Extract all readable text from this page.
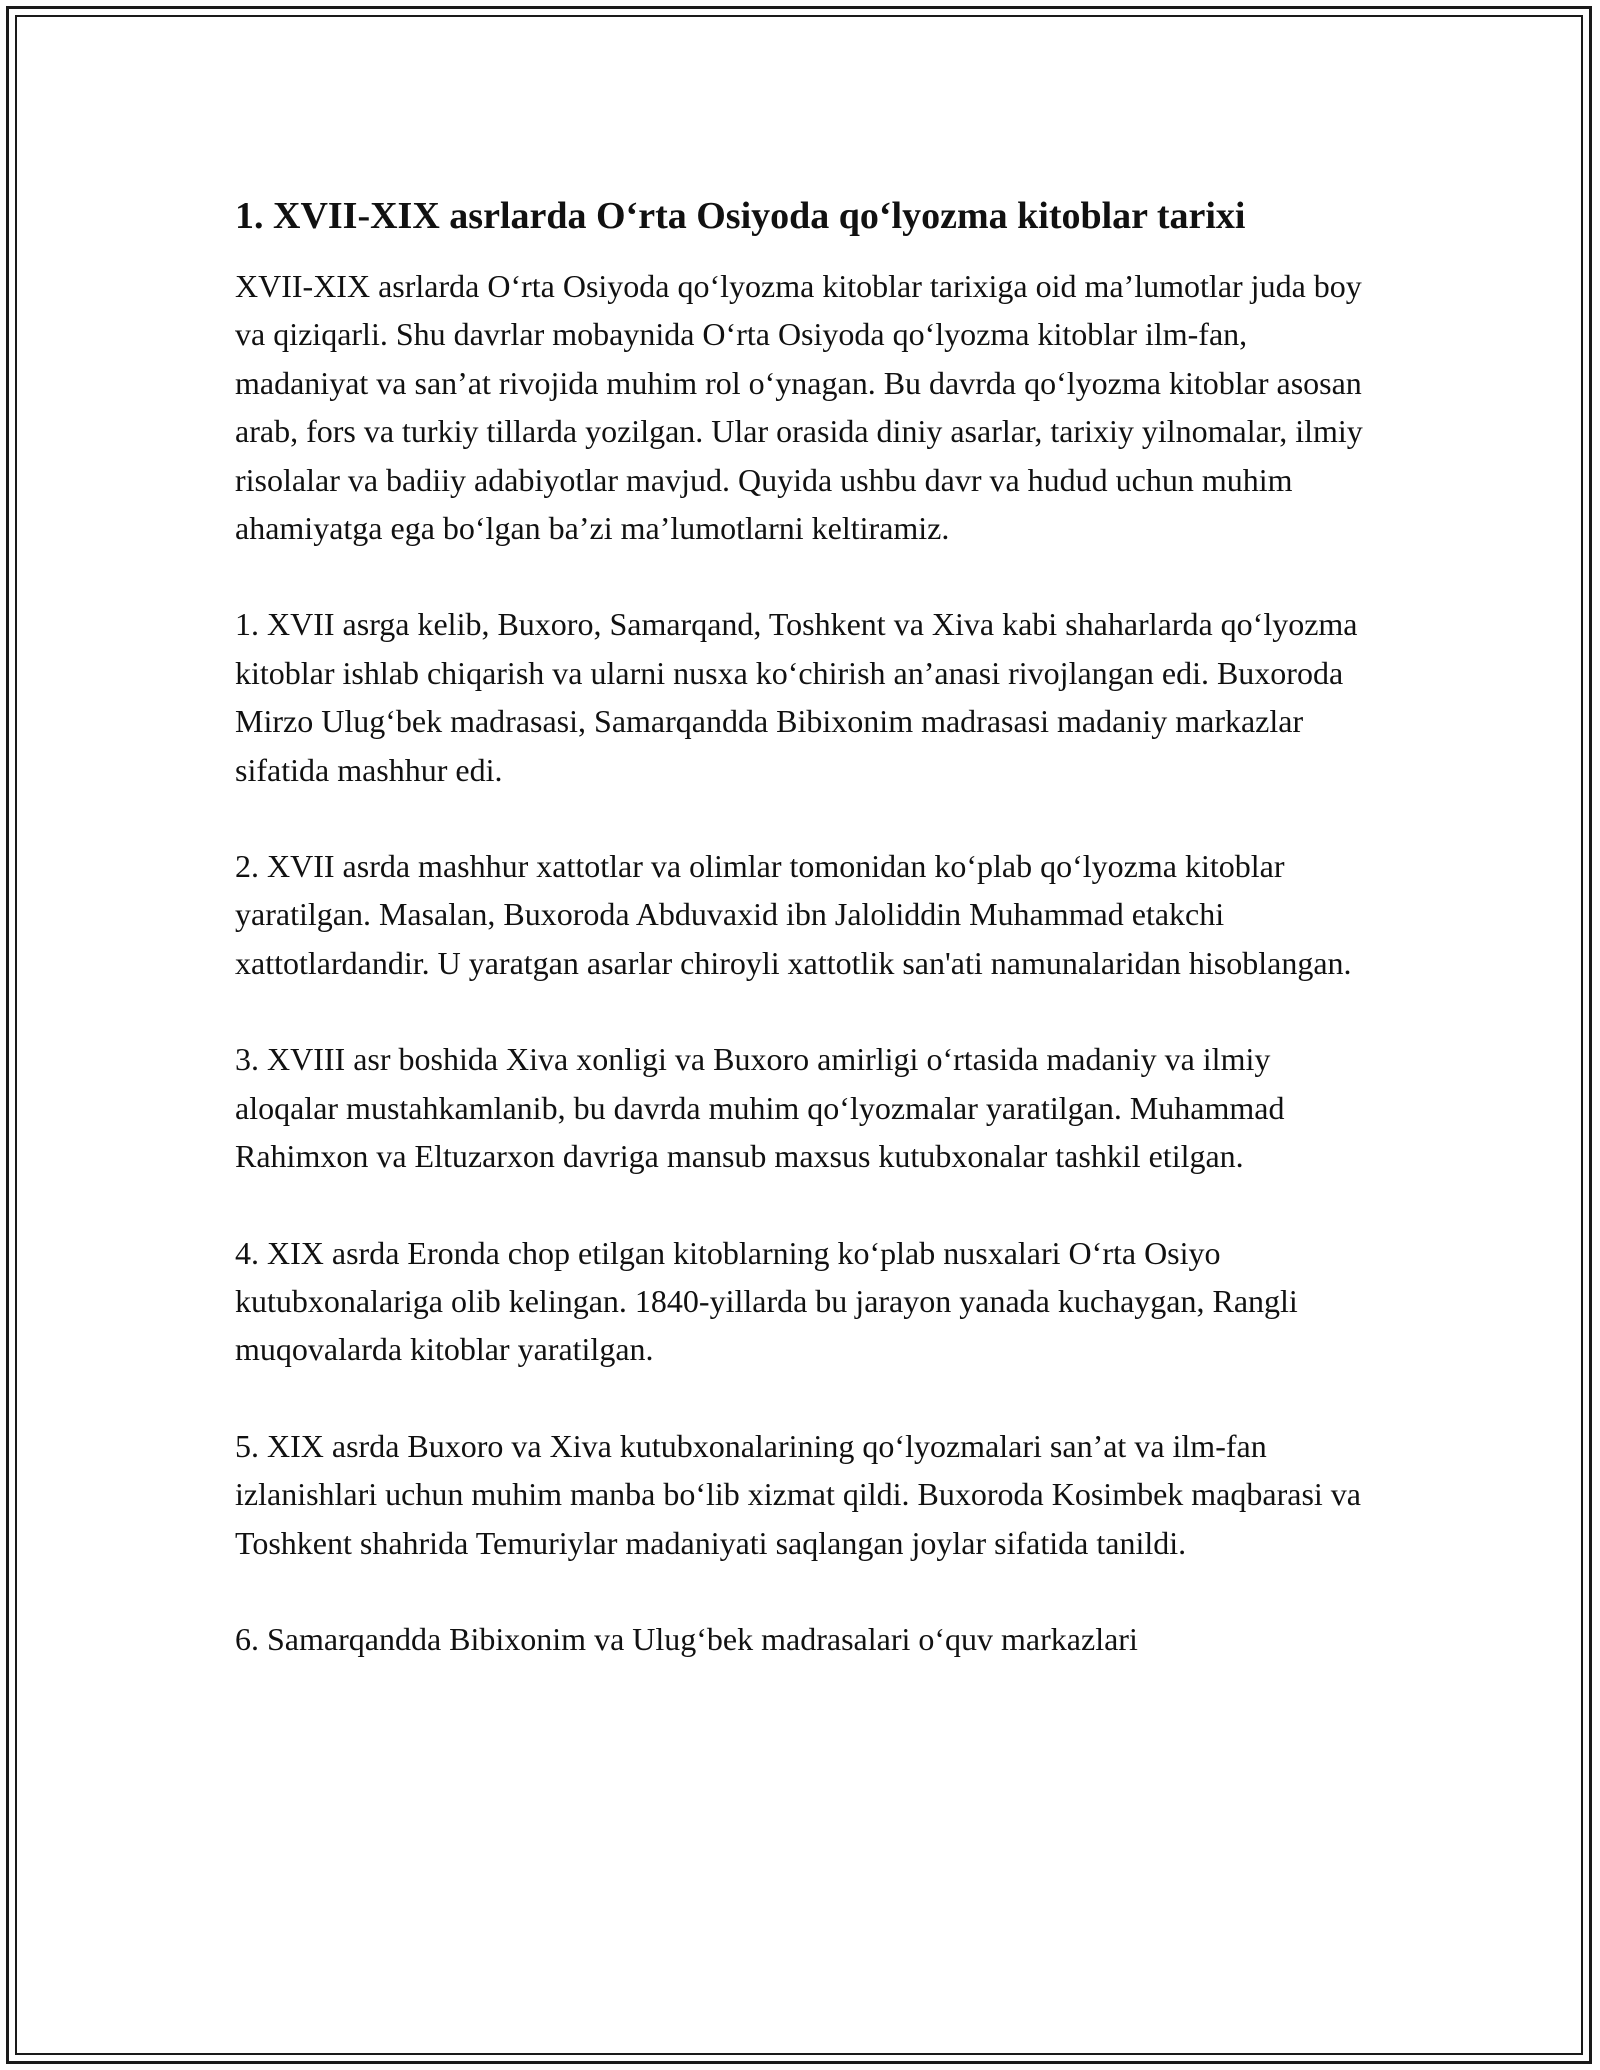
1. XVII-XIX asrlarda O‘rta Osiyoda qo‘lyozma kitoblar tarixi

XVII-XIX asrlarda O‘rta Osiyoda qo‘lyozma kitoblar tarixiga oid ma’lumotlar juda boy va qiziqarli. Shu davrlar mobaynida O‘rta Osiyoda qo‘lyozma kitoblar ilm-fan, madaniyat va san’at rivojida muhim rol o‘ynagan. Bu davrda qo‘lyozma kitoblar asosan arab, fors va turkiy tillarda yozilgan. Ular orasida diniy asarlar, tarixiy yilnomalar, ilmiy risolalar va badiiy adabiyotlar mavjud. Quyida ushbu davr va hudud uchun muhim ahamiyatga ega bo‘lgan ba’zi ma’lumotlarni keltiramiz.

1. XVII asrga kelib, Buxoro, Samarqand, Toshkent va Xiva kabi shaharlarda qo‘lyozma kitoblar ishlab chiqarish va ularni nusxa ko‘chirish an’anasi rivojlangan edi. Buxoroda Mirzo Ulug‘bek madrasasi, Samarqandda Bibixonim madrasasi madaniy markazlar sifatida mashhur edi.

2. XVII asrda mashhur xattotlar va olimlar tomonidan ko‘plab qo‘lyozma kitoblar yaratilgan. Masalan, Buxoroda Abduvaxid ibn Jaloliddin Muhammad etakchi xattotlardandir. U yaratgan asarlar chiroyli xattotlik san'ati namunalaridan hisoblangan.

3. XVIII asr boshida Xiva xonligi va Buxoro amirligi o‘rtasida madaniy va ilmiy aloqalar mustahkamlanib, bu davrda muhim qo‘lyozmalar yaratilgan. Muhammad Rahimxon va Eltuzarxon davriga mansub maxsus kutubxonalar tashkil etilgan.

4. XIX asrda Eronda chop etilgan kitoblarning ko‘plab nusxalari O‘rta Osiyo kutubxonalariga olib kelingan. 1840-yillarda bu jarayon yanada kuchaygan, Rangli muqovalarda kitoblar yaratilgan.

5. XIX asrda Buxoro va Xiva kutubxonalarining qo‘lyozmalari san’at va ilm-fan izlanishlari uchun muhim manba bo‘lib xizmat qildi. Buxoroda Kosimbek maqbarasi va Toshkent shahrida Temuriylar madaniyati saqlangan joylar sifatida tanildi.

6. Samarqandda Bibixonim va Ulug‘bek madrasalari o‘quv markazlari
